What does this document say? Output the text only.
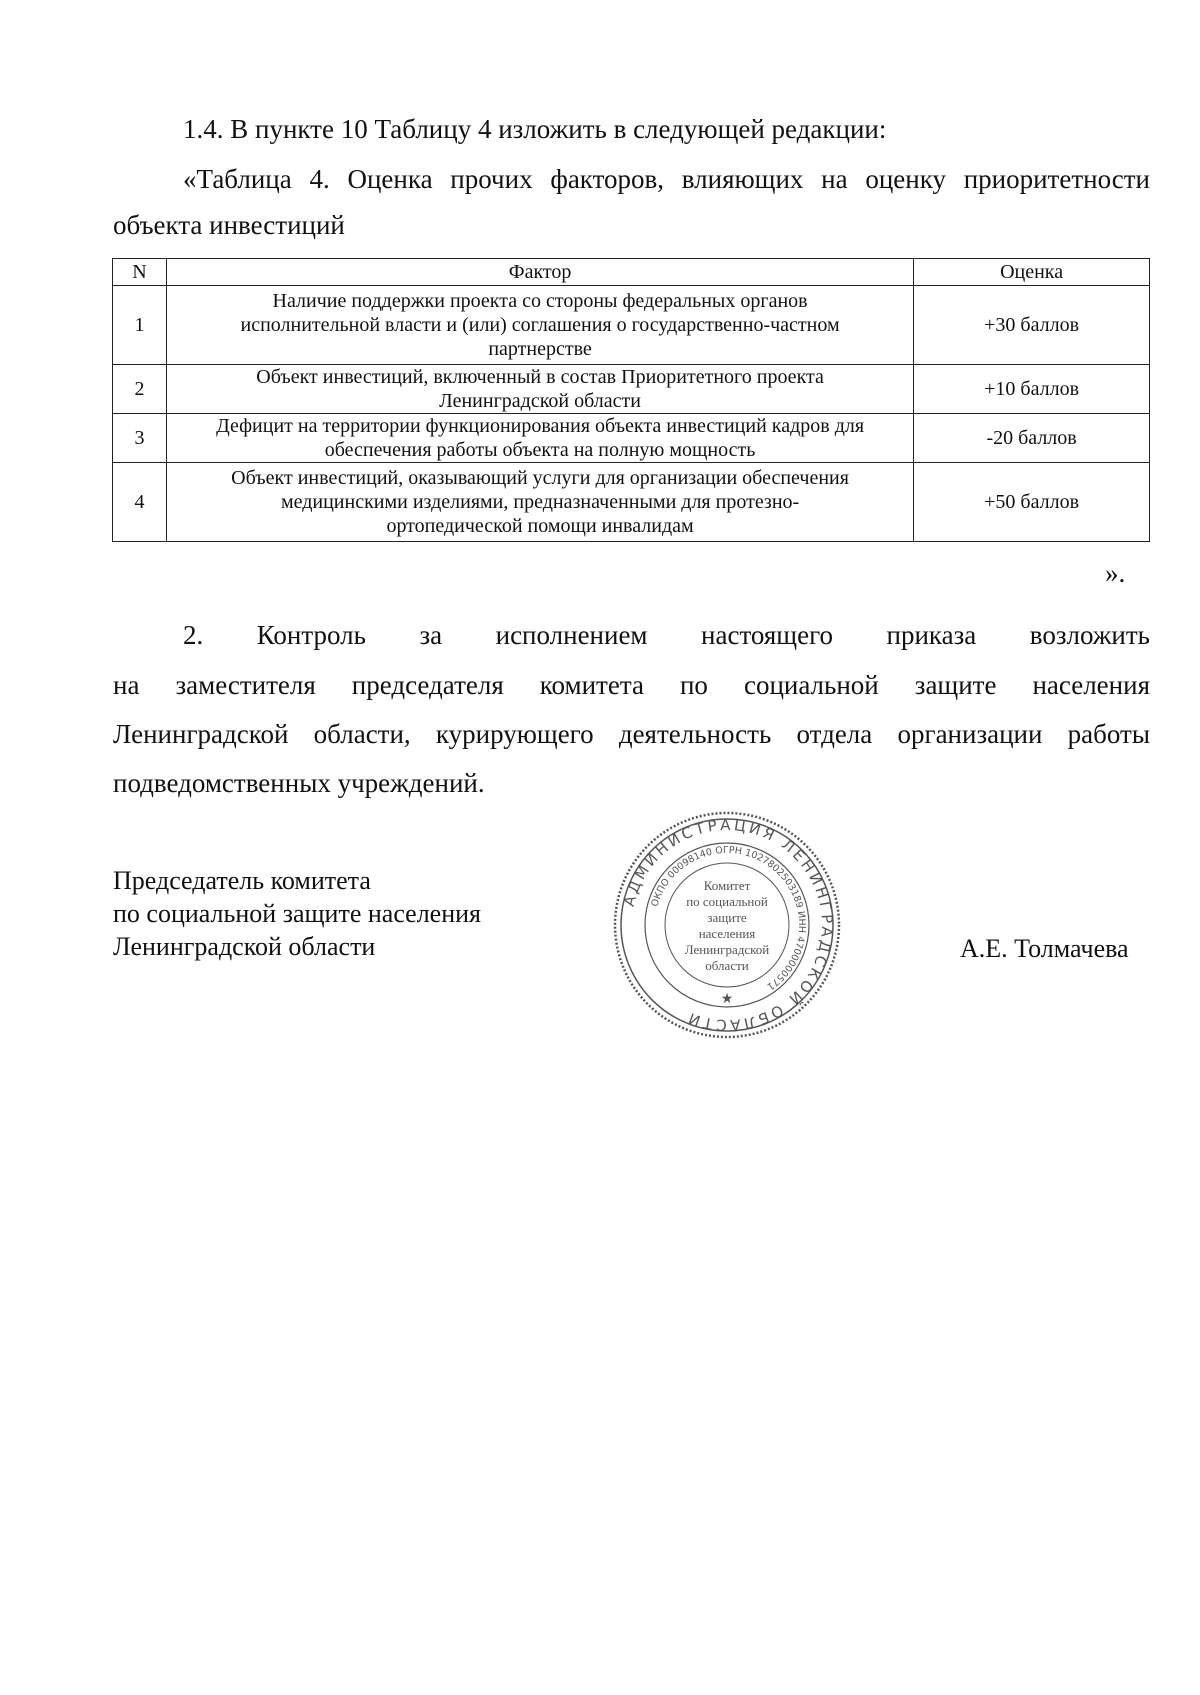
1.4. В пункте 10 Таблицу 4 изложить в следующей редакции:

«Таблица 4. Оценка прочих факторов, влияющих на оценку приоритетности

объекта инвестиций

N	Фактор	Оценка
1	Наличие поддержки проекта со стороны федеральных органов
исполнительной власти и (или) соглашения о государственно-частном
партнерстве	+30 баллов
2	Объект инвестиций, включенный в состав Приоритетного проекта
Ленинградской области	+10 баллов
3	Дефицит на территории функционирования объекта инвестиций кадров для
обеспечения работы объекта на полную мощность	-20 баллов
4	Объект инвестиций, оказывающий услуги для организации обеспечения
медицинскими изделиями, предназначенными для протезно-
ортопедической помощи инвалидам	+50 баллов
».
2. Контроль за исполнением настоящего приказа возложить
на заместителя председателя комитета по социальной защите населения
Ленинградской области, курирующего деятельность отдела организации работы
подведомственных учреждений.
Председатель комитета
по социальной защите населения
Ленинградской области	А.Е. Толмачева
АДМИНИСТРАЦИЯ ЛЕНИНГРАДСКОЙ ОБЛАСТИ
ОКПО 00098140 ОГРН 1027802503189 ИНН 4700000571
Комитет
по социальной
защите
населения
Ленинградской
области
★
